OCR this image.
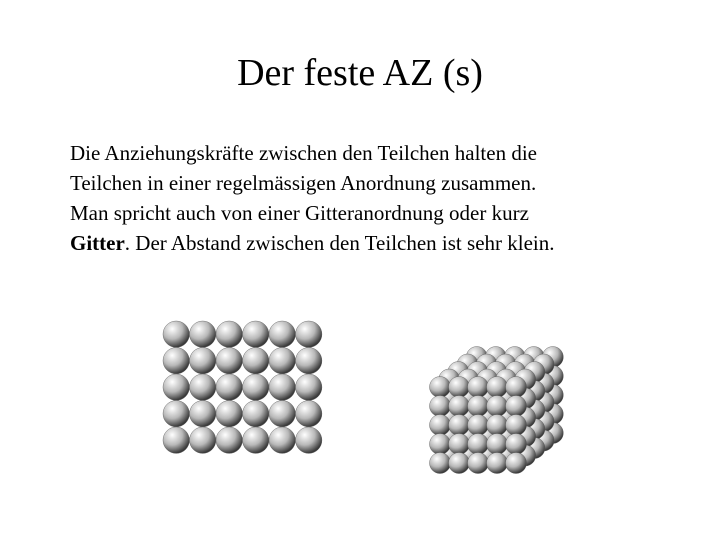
Der feste AZ (s)

Die Anziehungskräfte zwischen den Teilchen halten die
Teilchen in einer regelmässigen Anordnung zusammen.
Man spricht auch von einer Gitteranordnung oder kurz
Gitter. Der Abstand zwischen den Teilchen ist sehr klein.
